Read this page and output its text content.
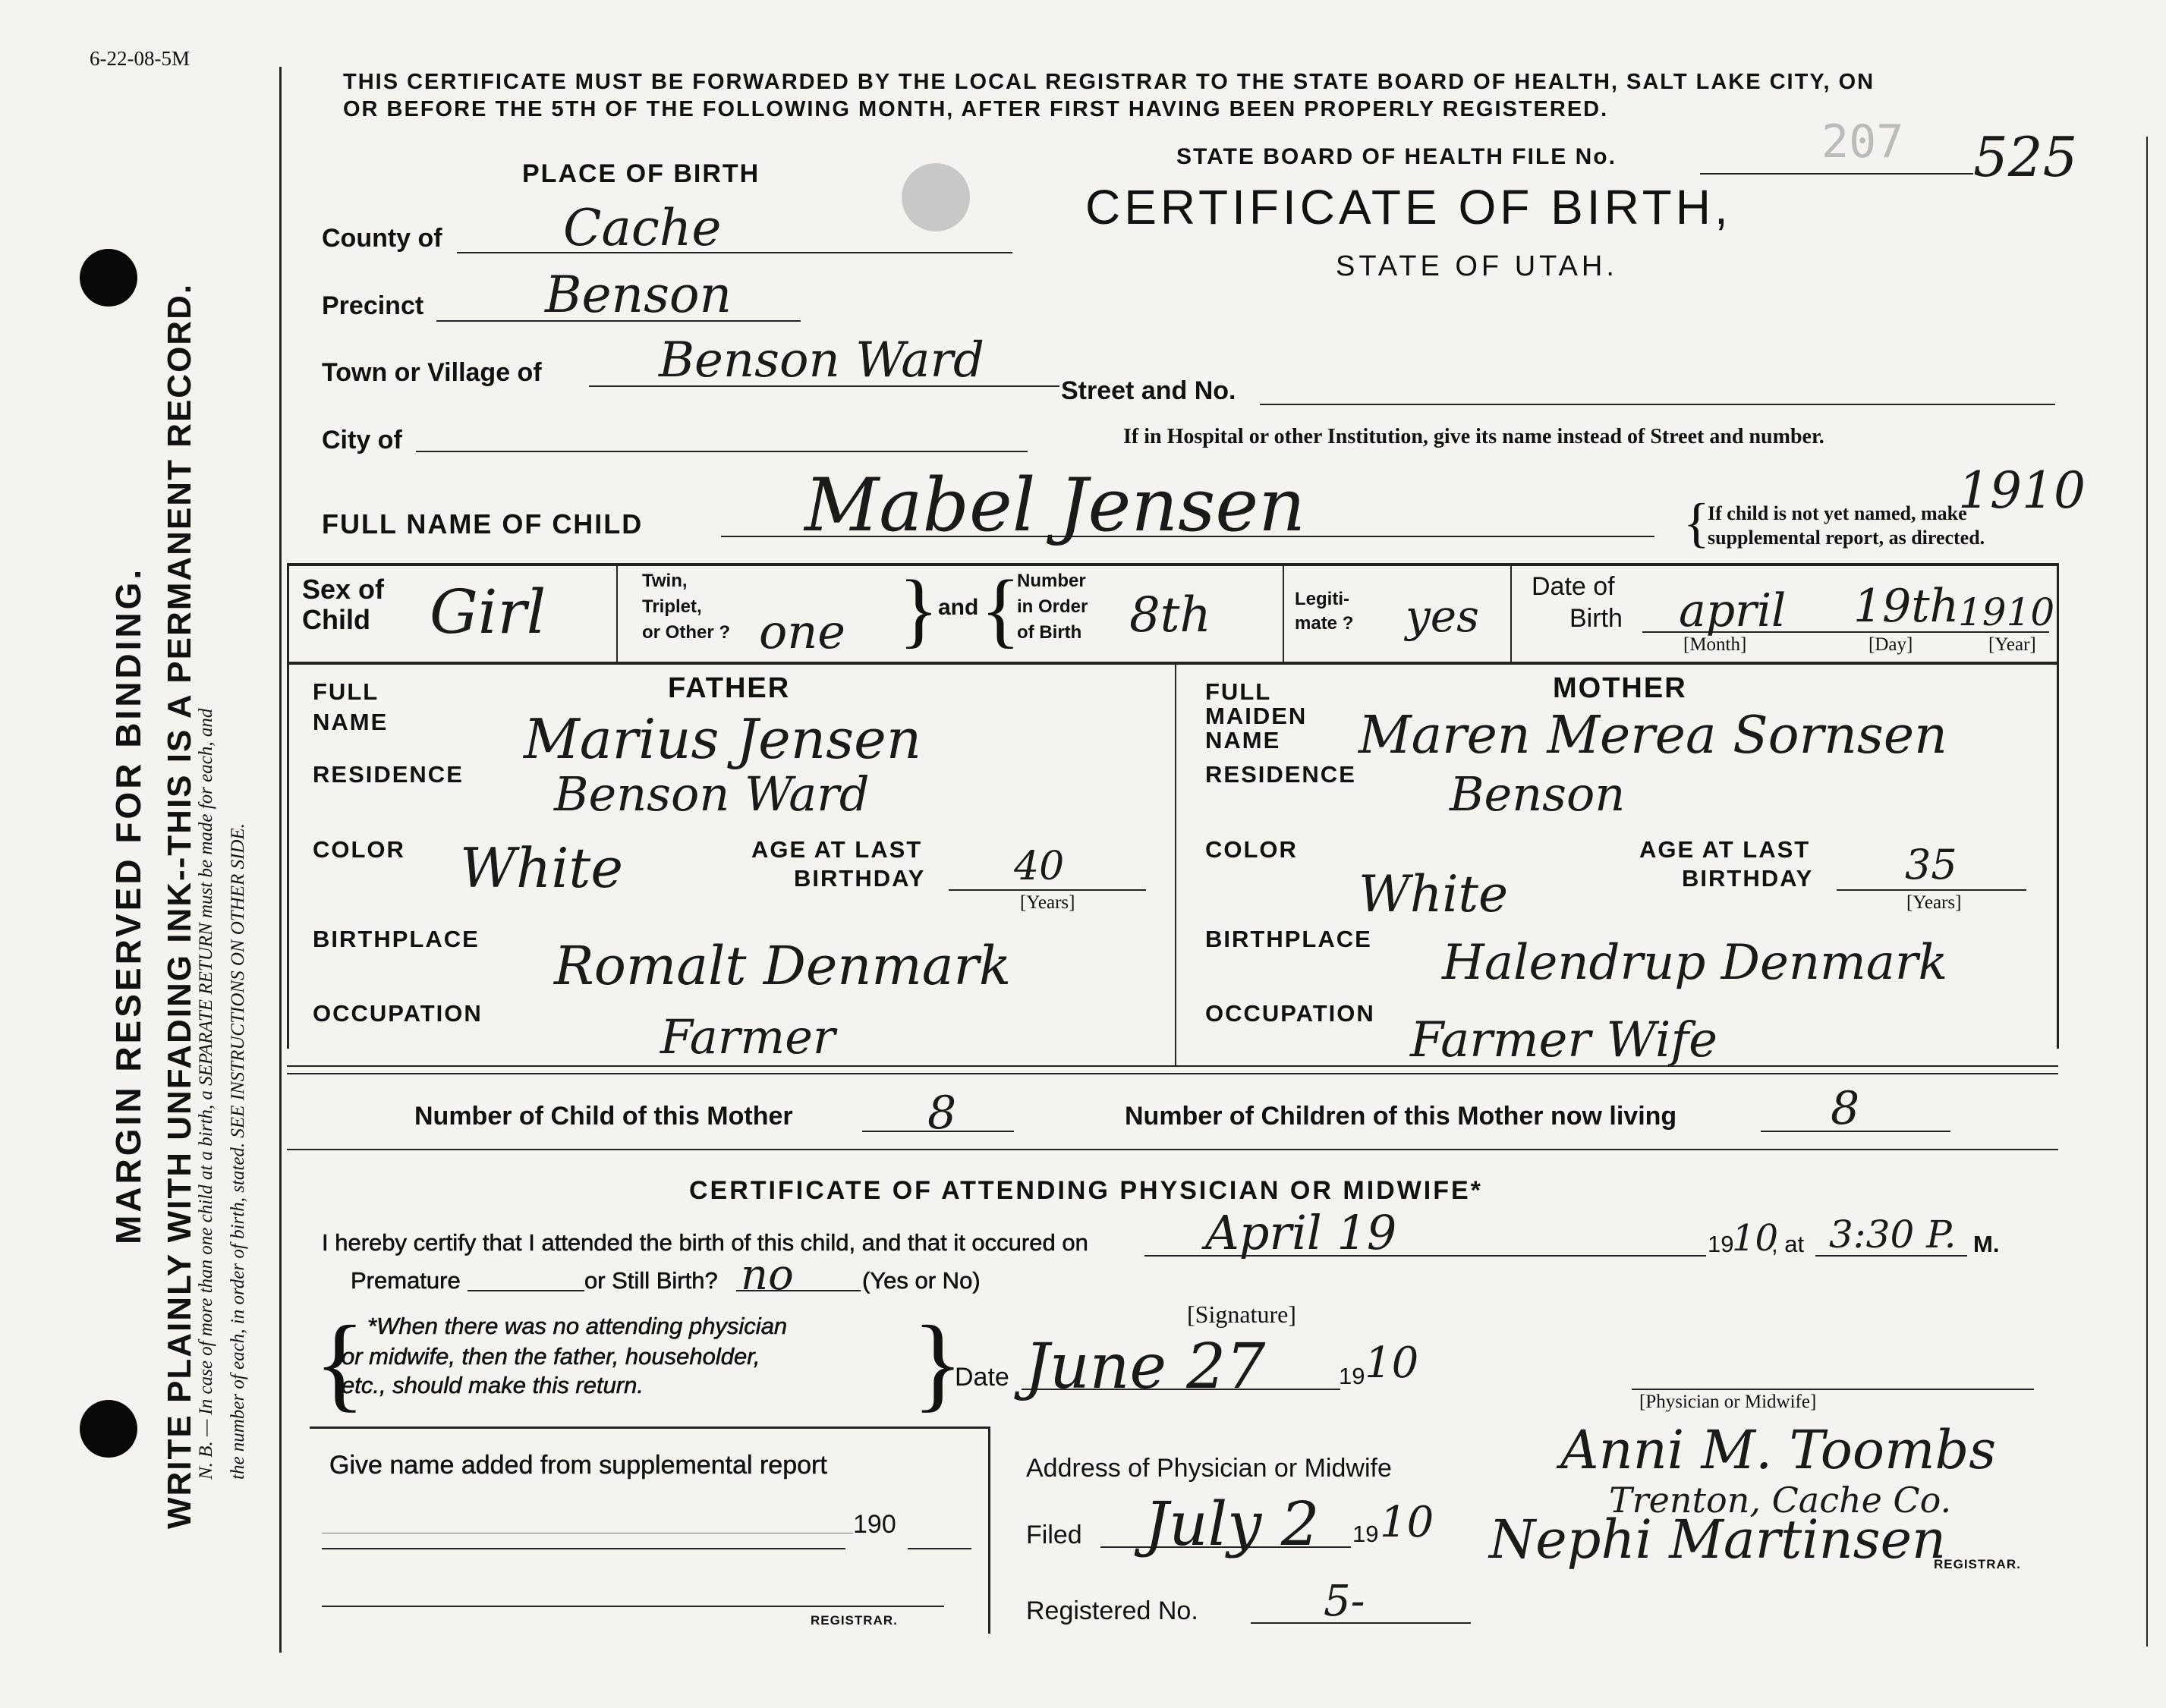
6-22-08-5M
MARGIN RESERVED FOR BINDING. WRITE PLAINLY WITH UNFADING INK--THIS IS A PERMANENT RECORD.
N. B. — In case of more than one child at a birth, a SEPARATE RETURN must be made for each, and the number of each, in order of birth, stated. SEE INSTRUCTIONS ON OTHER SIDE.
THIS CERTIFICATE MUST BE FORWARDED BY THE LOCAL REGISTRAR TO THE STATE BOARD OF HEALTH, SALT LAKE CITY, ON
OR BEFORE THE 5TH OF THE FOLLOWING MONTH, AFTER FIRST HAVING BEEN PROPERLY REGISTERED.
STATE BOARD OF HEALTH FILE No.	207 525
PLACE OF BIRTH
CERTIFICATE OF BIRTH,
STATE OF UTAH.
County of Cache
Precinct Benson
Town or Village of Benson Ward
Street and No.
City of	If in Hospital or other Institution, give its name instead of Street and number.
FULL NAME OF CHILD Mabel Jensen	1910
{
If child is not yet named, make
supplemental report, as directed.
Sex of
Child Girl	Twin,
Triplet,
or Other ? one } and {
Number
in Order
of Birth 8th	Legiti-
mate ? yes
Date of
Birth april 19th
1910
[Month]	[Day]	[Year]
FATHER
FULL
NAME Marius Jensen
RESIDENCE Benson Ward
COLOR White	AGE AT LAST
BIRTHDAY 40
[Years]
BIRTHPLACE Romalt Denmark
OCCUPATION	Farmer
MOTHER
FULL
MAIDEN
NAME Maren Merea Sornsen
RESIDENCE Benson
COLOR
White
AGE AT LAST
BIRTHDAY 35
[Years]
BIRTHPLACE Halendrup Denmark
OCCUPATION Farmer Wife
Number of Child of this Mother	8	Number of Children of this Mother now living	8
CERTIFICATE OF ATTENDING PHYSICIAN OR MIDWIFE*
I hereby certify that I attended the birth of this child, and that it occured on April 19	19
10
, at 3:30 P. M.
Premature	or Still Birth? no	(Yes or No)
{ *When there was no attending physician
or midwife, then the father, householder,
etc., should make this return.	}	[Signature]
Date June 27	19 10
[Physician or Midwife]
Address of Physician or Midwife	Anni M. Toombs
Trenton, Cache Co.
Filed July 2 19 10 Nephi Martinsen
REGISTRAR.
Registered No.	5-
Give name added from supplemental report
190
REGISTRAR.
